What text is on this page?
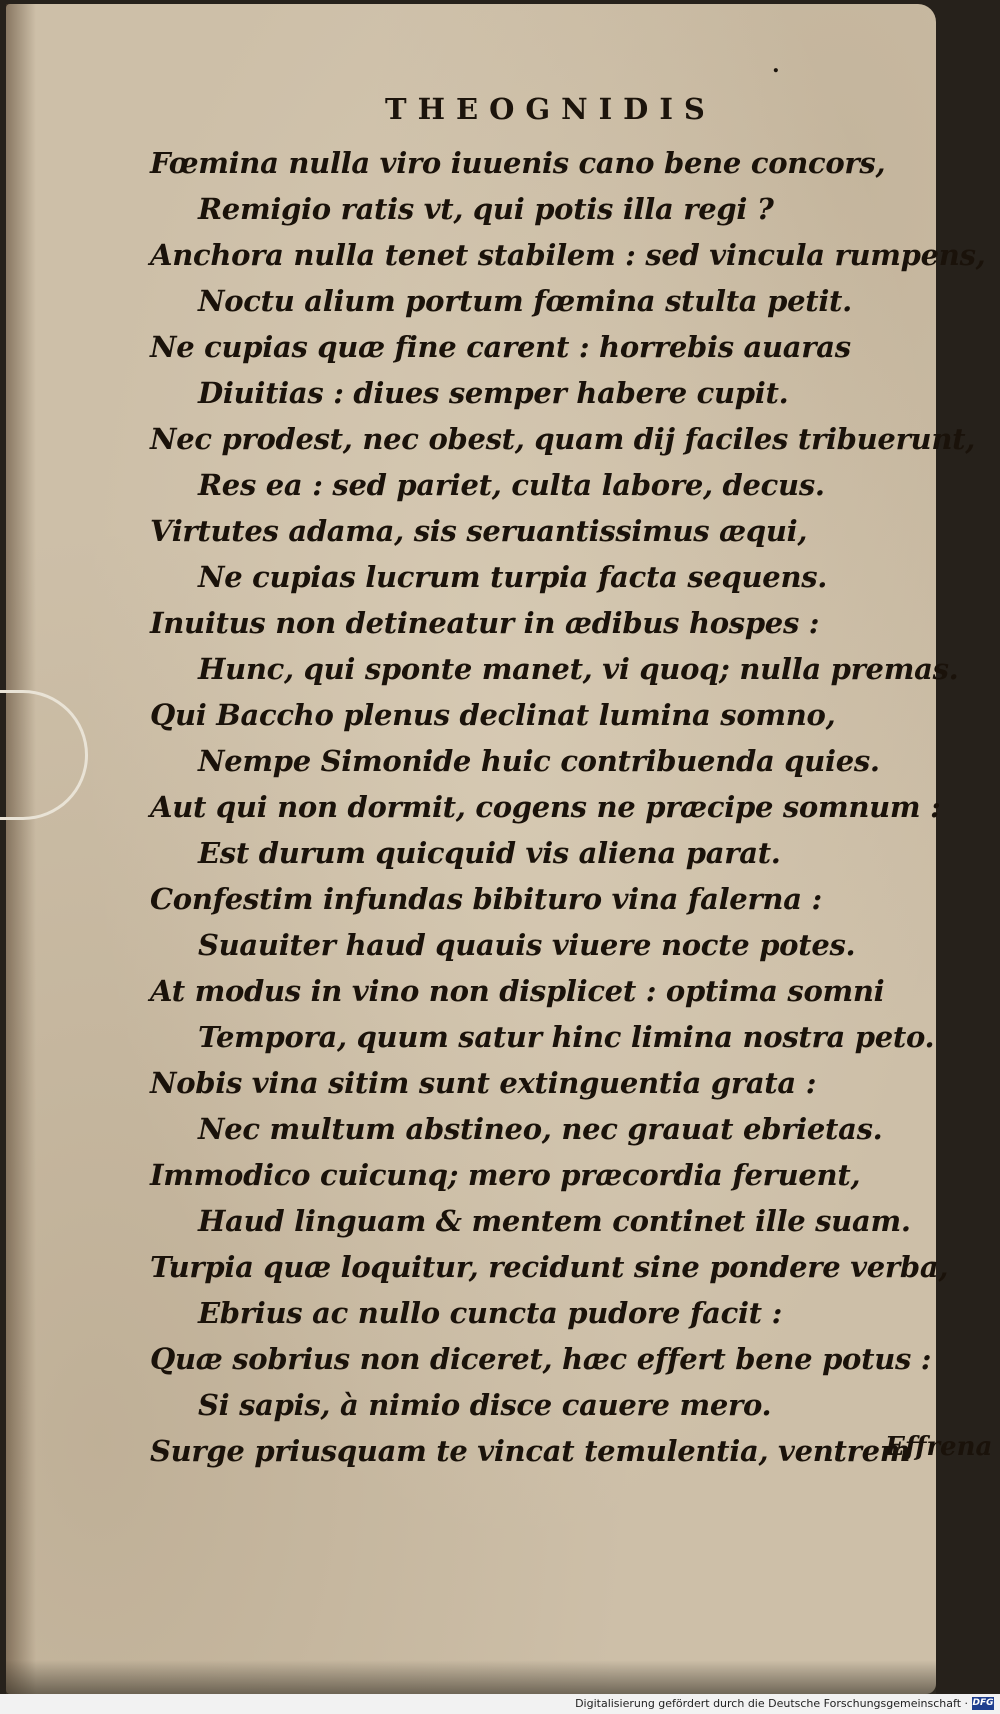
.
THEOGNIDIS
Fœmina nulla viro iuuenis cano bene concors,
Remigio ratis vt, qui potis illa regi ?
Anchora nulla tenet stabilem : sed vincula rumpens,
Noctu alium portum fœmina stulta petit.
Ne cupias quæ fine carent : horrebis auaras
Diuitias : diues semper habere cupit.
Nec prodest, nec obest, quam dij faciles tribuerunt,
Res ea : sed pariet, culta labore, decus.
Virtutes adama, sis seruantissimus æqui,
Ne cupias lucrum turpia facta sequens.
Inuitus non detineatur in ædibus hospes :
Hunc, qui sponte manet, vi quoq; nulla premas.
Qui Baccho plenus declinat lumina somno,
Nempe Simonide huic contribuenda quies.
Aut qui non dormit, cogens ne præcipe somnum :
Est durum quicquid vis aliena parat.
Confestim infundas bibituro vina falerna :
Suauiter haud quauis viuere nocte potes.
At modus in vino non displicet : optima somni
Tempora, quum satur hinc limina nostra peto.
Nobis vina sitim sunt extinguentia grata :
Nec multum abstineo, nec grauat ebrietas.
Immodico cuicunq; mero præcordia feruent,
Haud linguam & mentem continet ille suam.
Turpia quæ loquitur, recidunt sine pondere verba,
Ebrius ac nullo cuncta pudore facit :
Quæ sobrius non diceret, hæc effert bene potus :
Si sapis, à nimio disce cauere mero.
Surge priusquam te vincat temulentia, ventrem
Effrena
Digitalisierung gefördert durch die Deutsche Forschungsgemeinschaft · DFG
